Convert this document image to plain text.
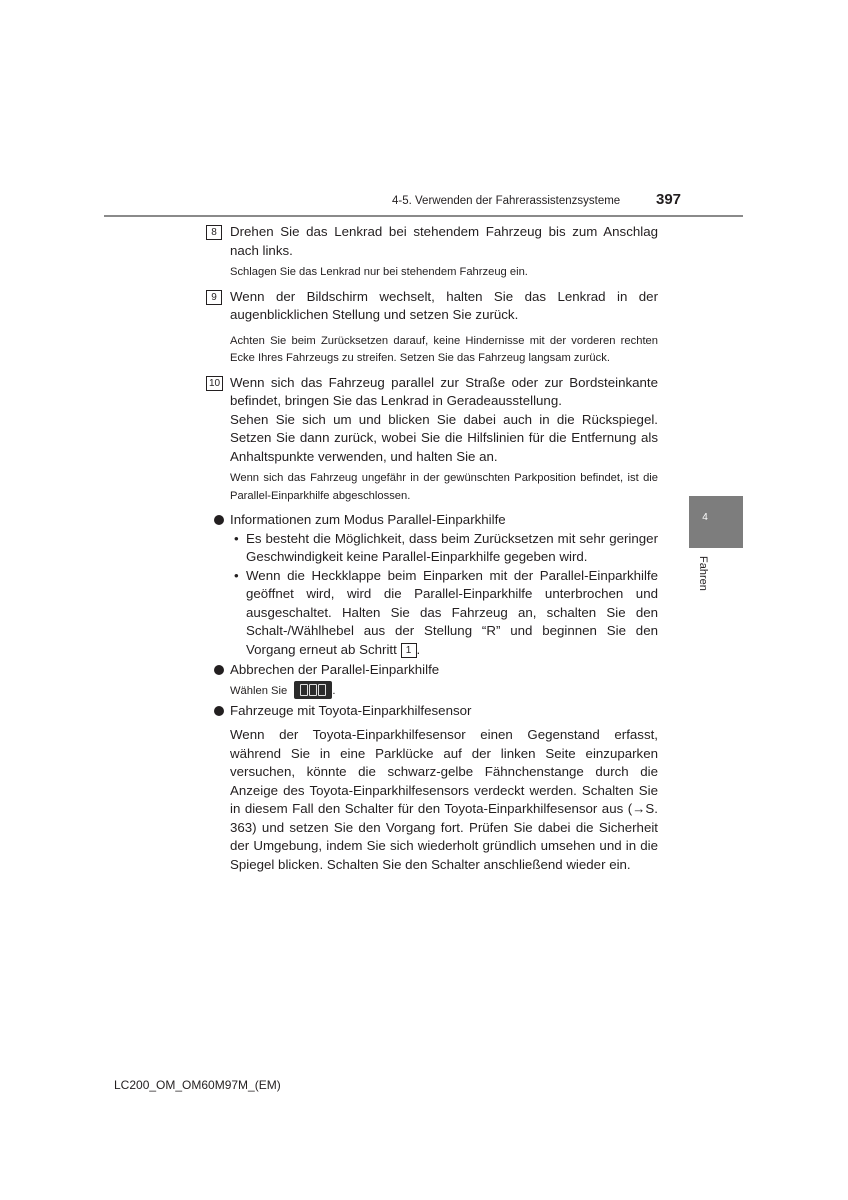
4-5. Verwenden der Fahrerassistenzsysteme 397
4
Fahren
8 Drehen Sie das Lenkrad bei stehendem Fahrzeug bis zum Anschlag nach links.
Schlagen Sie das Lenkrad nur bei stehendem Fahrzeug ein.
9 Wenn der Bildschirm wechselt, halten Sie das Lenkrad in der augenblicklichen Stellung und setzen Sie zurück.
Achten Sie beim Zurücksetzen darauf, keine Hindernisse mit der vorderen rechten Ecke Ihres Fahrzeugs zu streifen. Setzen Sie das Fahrzeug langsam zurück.
10 Wenn sich das Fahrzeug parallel zur Straße oder zur Bordsteinkante befindet, bringen Sie das Lenkrad in Geradeausstellung.
Sehen Sie sich um und blicken Sie dabei auch in die Rückspiegel. Setzen Sie dann zurück, wobei Sie die Hilfslinien für die Entfernung als Anhaltspunkte verwenden, und halten Sie an.
Wenn sich das Fahrzeug ungefähr in der gewünschten Parkposition befindet, ist die Parallel-Einparkhilfe abgeschlossen.
Informationen zum Modus Parallel-Einparkhilfe
• Es besteht die Möglichkeit, dass beim Zurücksetzen mit sehr geringer Geschwindigkeit keine Parallel-Einparkhilfe gegeben wird.
• Wenn die Heckklappe beim Einparken mit der Parallel-Einparkhilfe geöffnet wird, wird die Parallel-Einparkhilfe unterbrochen und ausgeschaltet. Halten Sie das Fahrzeug an, schalten Sie den Schalt-/Wählhebel aus der Stellung “R” und beginnen Sie den Vorgang erneut ab Schritt 1 .
Abbrechen der Parallel-Einparkhilfe
Wählen Sie	.
Fahrzeuge mit Toyota-Einparkhilfesensor
Wenn der Toyota-Einparkhilfesensor einen Gegenstand erfasst, während Sie in eine Parklücke auf der linken Seite einzuparken versuchen, könnte die schwarz-gelbe Fähnchenstange durch die Anzeige des Toyota-Einparkhilfesensors verdeckt werden. Schalten Sie in diesem Fall den Schalter für den Toyota-Einparkhilfesensor aus (→S. 363) und setzen Sie den Vorgang fort. Prüfen Sie dabei die Sicherheit der Umgebung, indem Sie sich wiederholt gründlich umsehen und in die Spiegel blicken. Schalten Sie den Schalter anschließend wieder ein.
LC200_OM_OM60M97M_(EM)
